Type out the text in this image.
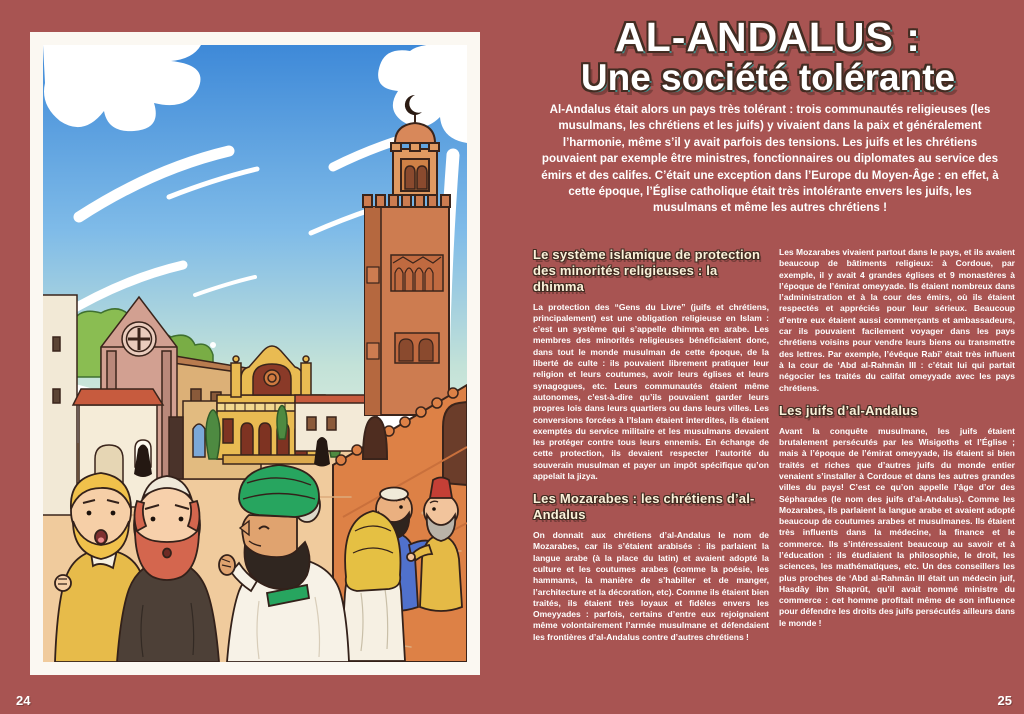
24
AL-ANDALUS :
Une société tolérante

Al-Andalus était alors un pays très tolérant : trois communautés religieuses (les musulmans, les chrétiens et les juifs) y vivaient dans la paix et généralement l’harmonie, même s’il y avait parfois des tensions. Les juifs et les chrétiens pouvaient par exemple être ministres, fonctionnaires ou diplomates au service des émirs et des califes. C’était une exception dans l’Europe du Moyen-Âge : en effet, à cette époque, l’Église catholique était très intolérante envers les juifs, les musulmans et même les autres chrétiens !

Le système islamique de protection des minorités religieuses : la dhimma

La protection des “Gens du Livre” (juifs et chrétiens, principalement) est une obligation religieuse en Islam : c’est un système qui s’appelle dhimma en arabe. Les membres des minorités religieuses bénéficiaient donc, dans tout le monde musulman de cette époque, de la liberté de culte : ils pouvaient librement pratiquer leur religion et leurs coutumes, avoir leurs églises et leurs synagogues, etc. Leurs communautés étaient même autonomes, c’est-à-dire qu’ils pouvaient garder leurs propres lois dans leurs quartiers ou dans leurs villes. Les conversions forcées à l’Islam étaient interdites, ils étaient exemptés du service militaire et les musulmans devaient les protéger contre tous leurs ennemis. En échange de cette protection, ils devaient respecter l’autorité du souverain musulman et payer un impôt spécifique qu’on appelait la jizya.

Les Mozarabes : les chrétiens d’al-Andalus

On donnait aux chrétiens d’al-Andalus le nom de Mozarabes, car ils s’étaient arabisés : ils parlaient la langue arabe (à la place du latin) et avaient adopté la culture et les coutumes arabes (comme la poésie, les hammams, la manière de s’habiller et de manger, l’architecture et la décoration, etc). Comme ils étaient bien traités, ils étaient très loyaux et fidèles envers les Omeyyades : parfois, certains d’entre eux rejoignaient même volontairement l’armée musulmane et défendaient les frontières d’al-Andalus contre d’autres chrétiens !

Les Mozarabes vivaient partout dans le pays, et ils avaient beaucoup de bâtiments religieux: à Cordoue, par exemple, il y avait 4 grandes églises et 9 monastères à l’époque de l’émirat omeyyade. Ils étaient nombreux dans l’administration et à la cour des émirs, où ils étaient respectés et appréciés pour leur sérieux. Beaucoup d’entre eux étaient aussi commerçants et ambassadeurs, car ils pouvaient facilement voyager dans les pays chrétiens voisins pour vendre leurs biens ou transmettre des lettres. Par exemple, l’évêque Rabī’ était très influent à la cour de ‘Abd al-Rahmān III : c’était lui qui partait négocier les traités du califat omeyyade avec les pays chrétiens.

Les juifs d’al-Andalus

Avant la conquête musulmane, les juifs étaient brutalement persécutés par les Wisigoths et l’Église ; mais à l’époque de l’émirat omeyyade, ils étaient si bien traités et riches que d’autres juifs du monde entier venaient s’installer à Cordoue et dans les autres grandes villes du pays! C’est ce qu’on appelle l’âge d’or des Sépharades (le nom des juifs d’al-Andalus). Comme les Mozarabes, ils parlaient la langue arabe et avaient adopté beaucoup de coutumes arabes et musulmanes. Ils étaient très influents dans la médecine, la finance et le commerce. Ils s’intéressaient beaucoup au savoir et à l’éducation : ils étudiaient la philosophie, le droit, les sciences, les mathématiques, etc. Un des conseillers les plus proches de ‘Abd al-Rahmān III était un médecin juif, Hasdāy ibn Shaprūt, qu’il avait nommé ministre du commerce : cet homme profitait même de son influence pour défendre les droits des juifs persécutés ailleurs dans le monde !

25
